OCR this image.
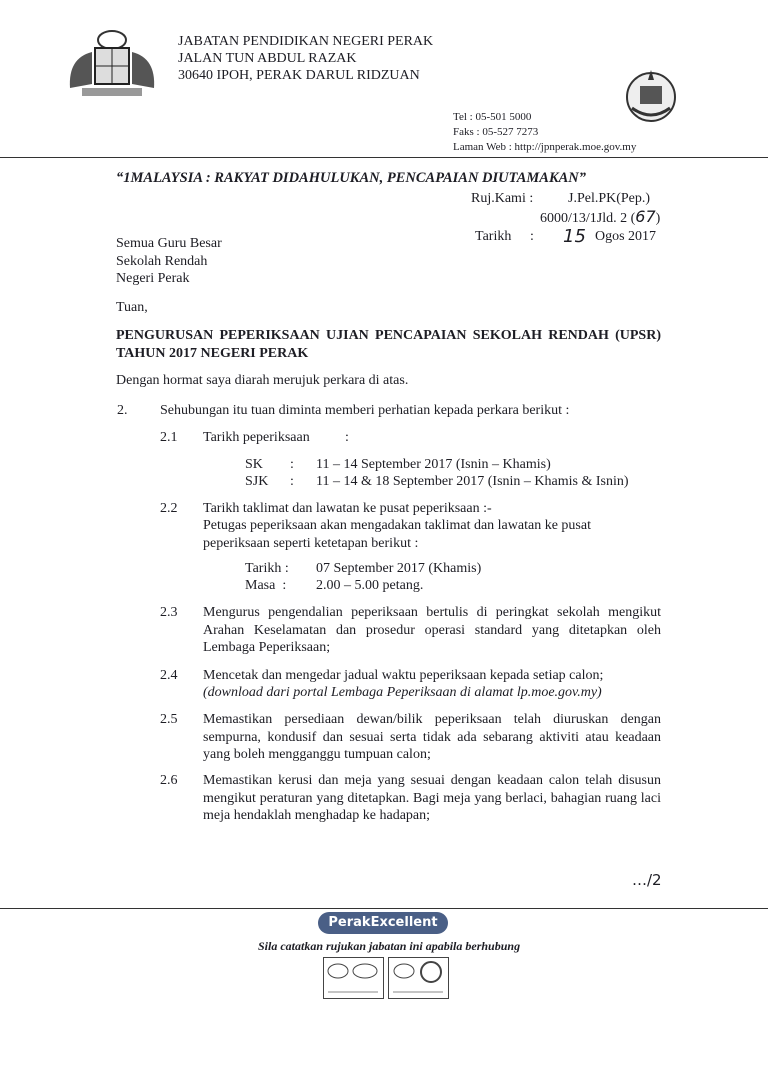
JABATAN PENDIDIKAN NEGERI PERAK
JALAN TUN ABDUL RAZAK
30640 IPOH, PERAK DARUL RIDZUAN
Tel : 05-501 5000
Faks : 05-527 7273
Laman Web : http://jpnperak.moe.gov.my
“1MALAYSIA : RAKYAT DIDAHULUKAN, PENCAPAIAN DIUTAMAKAN”
Ruj.Kami : J.Pel.PK(Pep.)
6000/13/1Jld. 2 (67)
Tarikh : 15 Ogos 2017
Semua Guru Besar
Sekolah Rendah
Negeri Perak
Tuan,
PENGURUSAN PEPERIKSAAN UJIAN PENCAPAIAN SEKOLAH RENDAH (UPSR) TAHUN 2017 NEGERI PERAK
Dengan hormat saya diarah merujuk perkara di atas.
2. Sehubungan itu tuan diminta memberi perhatian kepada perkara berikut :
2.1 Tarikh peperiksaan	:
SK : 11 – 14 September 2017 (Isnin – Khamis)
SJK : 11 – 14 & 18 September 2017 (Isnin – Khamis & Isnin)
2.2 Tarikh taklimat dan lawatan ke pusat peperiksaan :-
Petugas peperiksaan akan mengadakan taklimat dan lawatan ke pusat peperiksaan seperti ketetapan berikut :
Tarikh : 07 September 2017 (Khamis)
Masa  : 2.00 – 5.00 petang.
2.3 Mengurus pengendalian peperiksaan bertulis di peringkat sekolah mengikut Arahan Keselamatan dan prosedur operasi standard yang ditetapkan oleh Lembaga Peperiksaan;
2.4 Mencetak dan mengedar jadual waktu peperiksaan kepada setiap calon;
(download dari portal Lembaga Peperiksaan di alamat lp.moe.gov.my)
2.5 Memastikan persediaan dewan/bilik peperiksaan telah diuruskan dengan sempurna, kondusif dan sesuai serta tidak ada sebarang aktiviti atau keadaan yang boleh mengganggu tumpuan calon;
2.6 Memastikan kerusi dan meja yang sesuai dengan keadaan calon telah disusun mengikut peraturan yang ditetapkan. Bagi meja yang berlaci, bahagian ruang laci meja hendaklah menghadap ke hadapan;
…/2
PerakExcellent
Sila catatkan rujukan jabatan ini apabila berhubung
